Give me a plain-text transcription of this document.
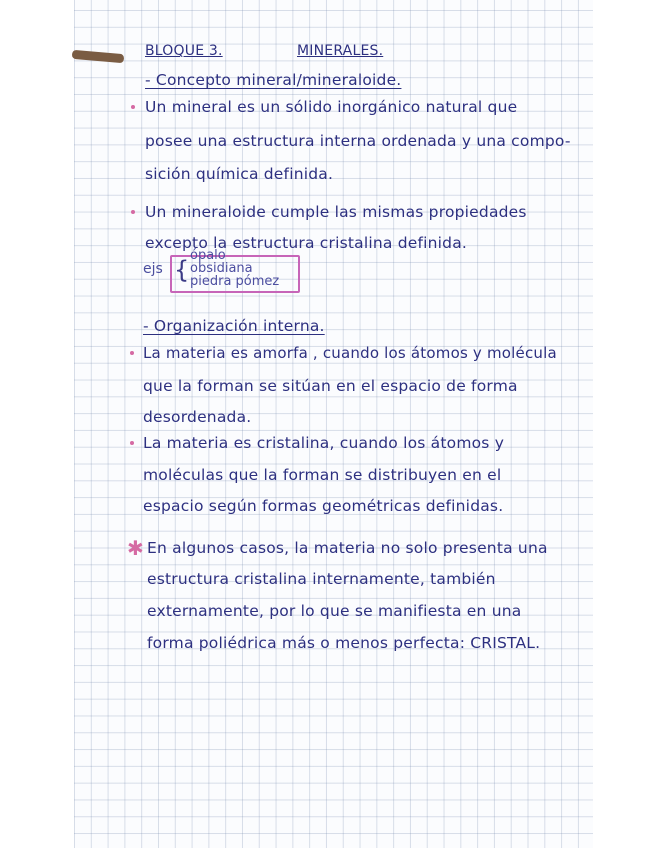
BLOQUE 3.	MINERALES.
- Concepto mineral/mineraloide.
Un mineral es un sólido inorgánico natural que
posee una estructura interna ordenada y una compo-
sición química definida.
Un mineraloide cumple las mismas propiedades
excepto la estructura cristalina definida.
ejs {
ópalo
obsidiana
piedra pómez
- Organización interna.
La materia es amorfa , cuando los átomos y molécula
que la forman se sitúan en el espacio de forma
desordenada.
La materia es cristalina, cuando los átomos y
moléculas que la forman se distribuyen en el
espacio según formas geométricas definidas.
✱ En algunos casos, la materia no solo presenta una
estructura cristalina internamente, también
externamente, por lo que se manifiesta en una
forma poliédrica más o menos perfecta: CRISTAL.
